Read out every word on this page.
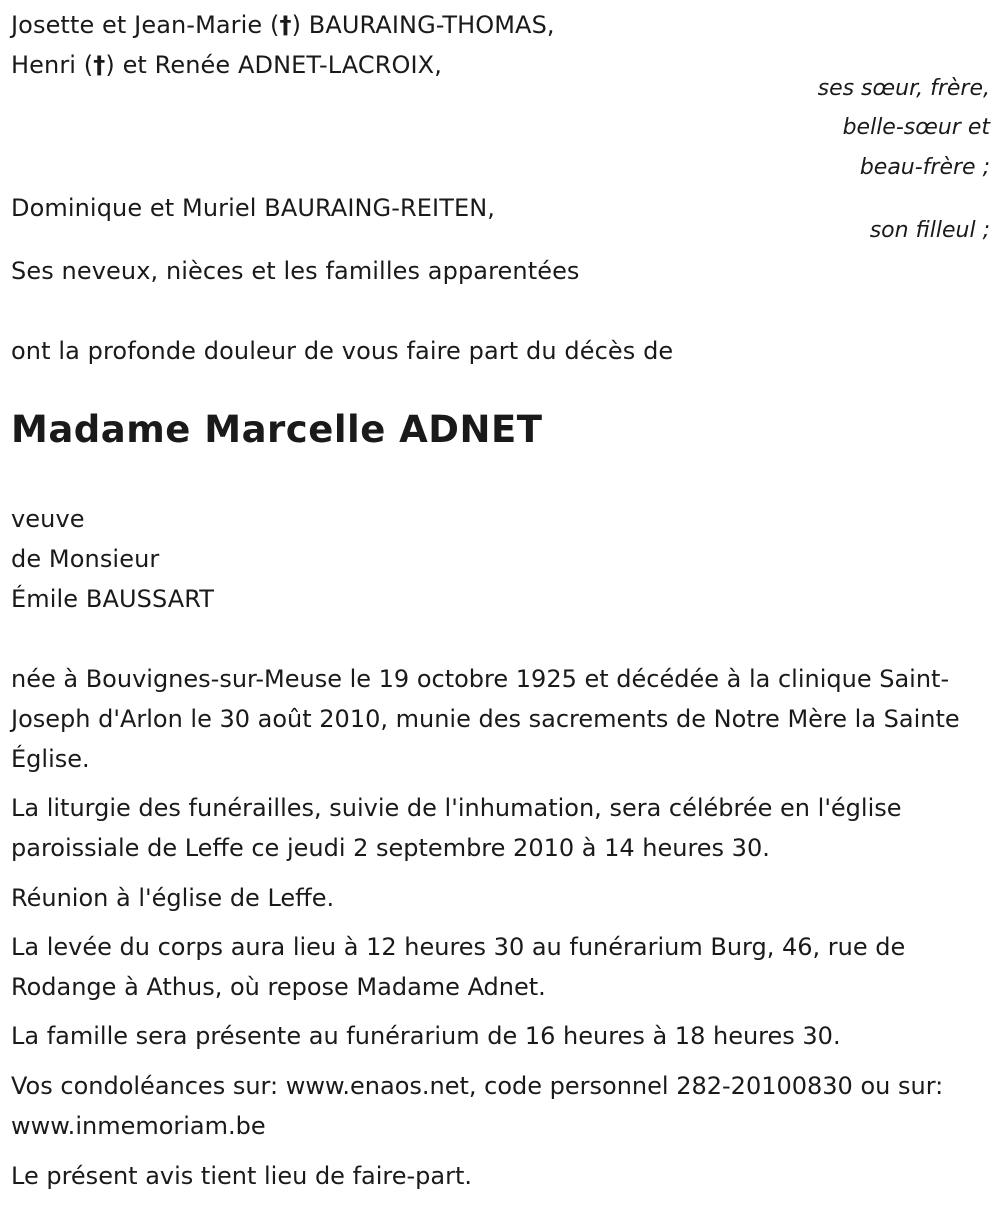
Josette et Jean-Marie (†) BAURAING-THOMAS,
Henri (†) et Renée ADNET-LACROIX,
ses sœur, frère,
belle-sœur et
beau-frère ;
Dominique et Muriel BAURAING-REITEN,
son filleul ;
Ses neveux, nièces et les familles apparentées
ont la profonde douleur de vous faire part du décès de
Madame Marcelle ADNET
veuve
de Monsieur
Émile BAUSSART
née à Bouvignes-sur-Meuse le 19 octobre 1925 et décédée à la clinique Saint-Joseph d'Arlon le 30 août 2010, munie des sacrements de Notre Mère la Sainte Église.
La liturgie des funérailles, suivie de l'inhumation, sera célébrée en l'église paroissiale de Leffe ce jeudi 2 septembre 2010 à 14 heures 30.
Réunion à l'église de Leffe.
La levée du corps aura lieu à 12 heures 30 au funérarium Burg, 46, rue de Rodange à Athus, où repose Madame Adnet.
La famille sera présente au funérarium de 16 heures à 18 heures 30.
Vos condoléances sur: www.enaos.net, code personnel 282-20100830 ou sur: www.inmemoriam.be
Le présent avis tient lieu de faire-part.
